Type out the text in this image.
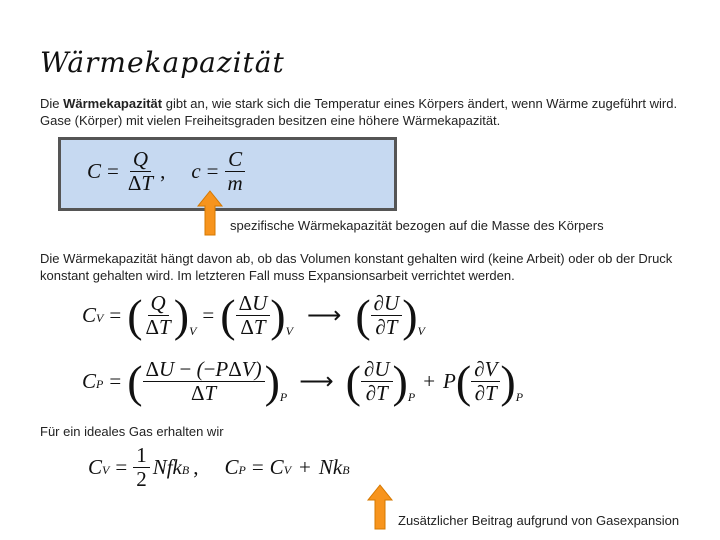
Wärmekapazität
Die Wärmekapazität gibt an, wie stark sich die Temperatur eines Körpers ändert, wenn Wärme zugeführt wird. Gase (Körper) mit vielen Freiheitsgraden besitzen eine höhere Wärmekapazität.
$C = \frac{Q}{\Delta T}$ , $c = \frac{C}{m}$
spezifische Wärmekapazität bezogen auf die Masse des Körpers
Die Wärmekapazität hängt davon ab, ob das Volumen konstant gehalten wird (keine Arbeit) oder ob der Druck konstant gehalten wird. Im letzteren Fall muss Expansionsarbeit verrichtet werden.
CV = ( $\frac{Q}{\Delta T}$ ) V
= ( $\frac{\Delta U}{\Delta T}$ ) V
⟶ ( $\frac{\partial U}{\partial T}$ ) V
CP = ( $\frac{\text{ΔU − (−PΔV)}}{\Delta T}$ ) P
⟶ ( $\frac{\partial U}{\partial T}$ ) P
+ P ( $\frac{\partial V}{\partial T}$ ) P
Für ein ideales Gas erhalten wir
CV = $\frac{1}{2}$ NfkB , CP = CV + NkB
Zusätzlicher Beitrag aufgrund von Gasexpansion
